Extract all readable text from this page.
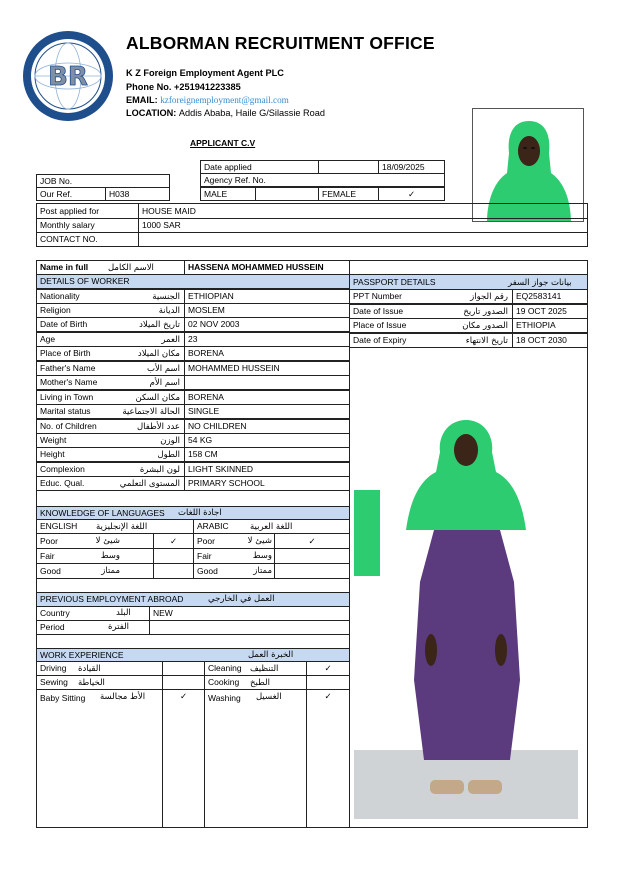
BR
ALBORMAN RECRUITMENT OFFICE
K Z Foreign Employment Agent PLC
Phone No. +251941223385
EMAIL: kzforeignemployment@gmail.com
LOCATION: Addis Ababa, Haile G/Silassie Road
APPLICANT C.V
Date applied	18/09/2025
Agency Ref. No.
JOB No.
Our Ref.	H038	MALE	FEMALE	✓
Post applied for	HOUSE MAID
Monthly salary	1000 SAR
CONTACT NO.
Name in full	الاسم الكامل	HASSENA MOHAMMED HUSSEIN
DETAILS OF WORKER
Nationality	الجنسية ETHIOPIAN
Religion	الديانة MOSLEM
Date of Birth	تاريخ الميلاد 02 NOV 2003
Age	العمر 23
Place of Birth	مكان الميلاد BORENA
Father's Name	اسم الأب MOHAMMED HUSSEIN
Mother's Name	اسم الأم
Living in Town	مكان السكن BORENA
Marital status	الحالة الاجتماعية SINGLE
No. of Children	عدد الأطفال NO CHILDREN
Weight	الوزن 54 KG
Height	الطول 158 CM
Complexion	لون البشرة LIGHT SKINNED
Educ. Qual.	المستوى التعلمي PRIMARY SCHOOL
PASSPORT DETAILS	بيانات جواز السفر
PPT Number	رقم الجواز EQ2583141
Date of Issue	الصدور تاريخ 19 OCT 2025
Place of Issue	الصدور مكان ETHIOPIA
Date of Expiry	تاريخ الانتهاء 18 OCT 2030
KNOWLEDGE OF LANGUAGES	اجادة اللغات
ENGLISH	اللغة الإنجليزية	ARABIC	اللغة العربية
Poor	شيئ لا	✓	Poor	شيئ لا	✓
Fair	وسط	Fair	وسط
Good	ممتاز	Good	ممتاز
PREVIOUS EMPLOYMENT ABROAD	العمل في الخارجي
Country	البلد	NEW
Period	الفترة
WORK EXPERIENCE	الخبرة العمل
Driving	القيادة	Cleaning التنظيف	✓
Sewing	الخياطة	Cooking	الطبخ
Baby Sitting	الأط مجالسة	✓	Washing	الغسيل	✓
